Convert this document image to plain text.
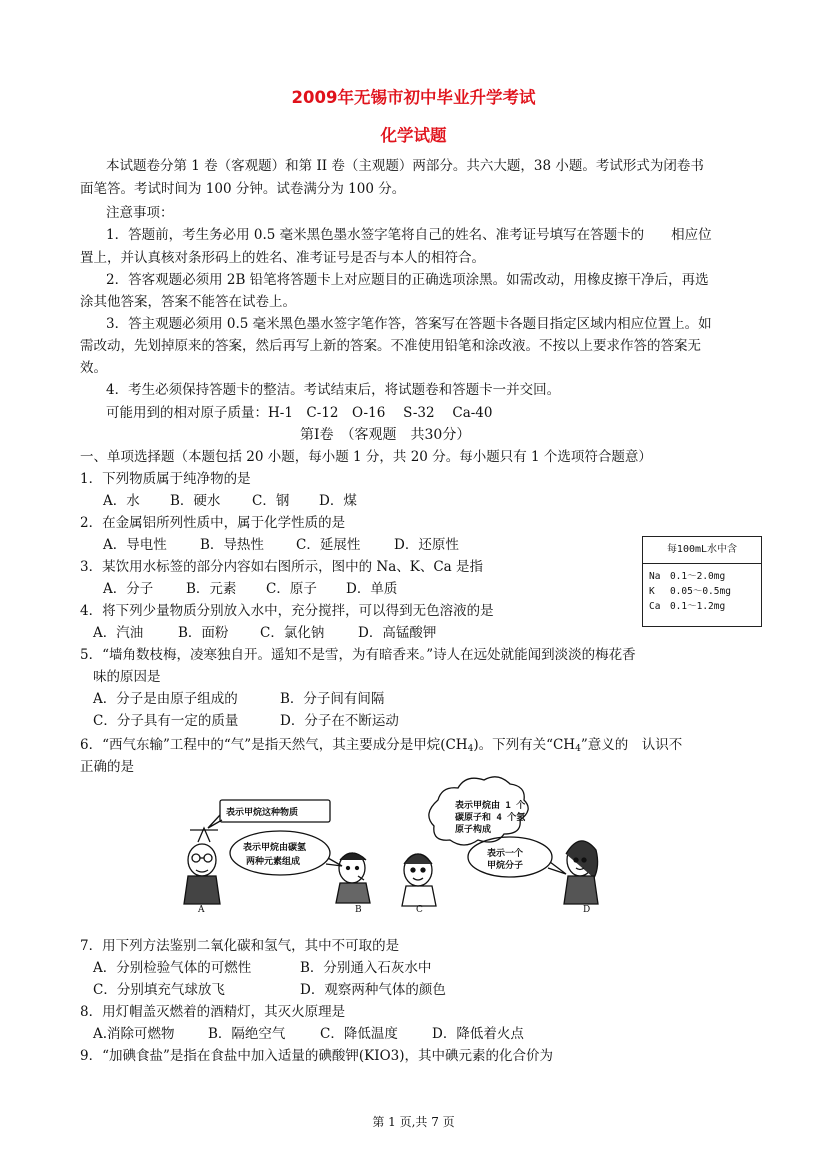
2009年无锡市初中毕业升学考试
化学试题
本试题卷分第 1 卷（客观题）和第 II 卷（主观题）两部分。共六大题，38 小题。考试形式为闭卷书
面笔答。考试时间为 100 分钟。试卷满分为 100 分。
注意事项：
1．答题前，考生务必用 0.5 毫米黑色墨水签字笔将自己的姓名、准考证号填写在答题卡的　　相应位
置上，并认真核对条形码上的姓名、准考证号是否与本人的相符合。
2．答客观题必须用 2B 铅笔将答题卡上对应题目的正确选项涂黑。如需改动，用橡皮擦干净后，再选
涂其他答案，答案不能答在试卷上。
3．答主观题必须用 0.5 毫米黑色墨水签字笔作答，答案写在答题卡各题目指定区域内相应位置上。如
需改动，先划掉原来的答案，然后再写上新的答案。不准使用铅笔和涂改液。不按以上要求作答的答案无
效。
4．考生必须保持答题卡的整洁。考试结束后，将试题卷和答题卡一并交回。
可能用到的相对原子质量：H-1　C-12　O-16　 S-32 　Ca-40
第Ⅰ卷　（客观题　共30分）
一、单项选择题（本题包括 20 小题，每小题 1 分，共 20 分。每小题只有 1 个选项符合题意）
1．下列物质属于纯净物的是
A．水 B．硬水 C．钢 D．煤
2．在金属铝所列性质中，属于化学性质的是
A．导电性 B．导热性 C．延展性 D．还原性	每100mL水中含
Na　0.1～2.0mg
K　 0.05～0.5mg
Ca　0.1～1.2mg
3．某饮用水标签的部分内容如右图所示，图中的 Na、K、Ca 是指
A．分子 B．元素 C．原子 D．单质
4．将下列少量物质分别放入水中，充分搅拌，可以得到无色溶液的是
A．汽油	B．面粉 C．氯化钠 D．高锰酸钾
5．“墙角数枝梅，凌寒独自开。遥知不是雪，为有暗香来。”诗人在远处就能闻到淡淡的梅花香
味的原因是
A．分子是由原子组成的	B．分子间有间隔
C．分子具有一定的质量	D．分子在不断运动
6．“西气东输”工程中的“气”是指天然气，其主要成分是甲烷$(CH_4)$。下列有关“$CH_4$”意义的　认识不
正确的是
表示甲烷这种物质
表示甲烷由碳氢
两种元素组成
表示甲烷由 1 个
碳原子和 4 个氢
原子构成
表示一个
甲烷分子
A	B	C	D
7．用下列方法鉴别二氧化碳和氢气，其中不可取的是
A．分别检验气体的可燃性	B．分别通入石灰水中
C．分别填充气球放飞	D．观察两种气体的颜色
8．用灯帽盖灭燃着的酒精灯，其灭火原理是
A.消除可燃物 B．隔绝空气	C．降低温度	D．降低着火点
9．“加碘食盐”是指在食盐中加入适量的碘酸钾(KIO3)，其中碘元素的化合价为
第 1 页,共 7 页
